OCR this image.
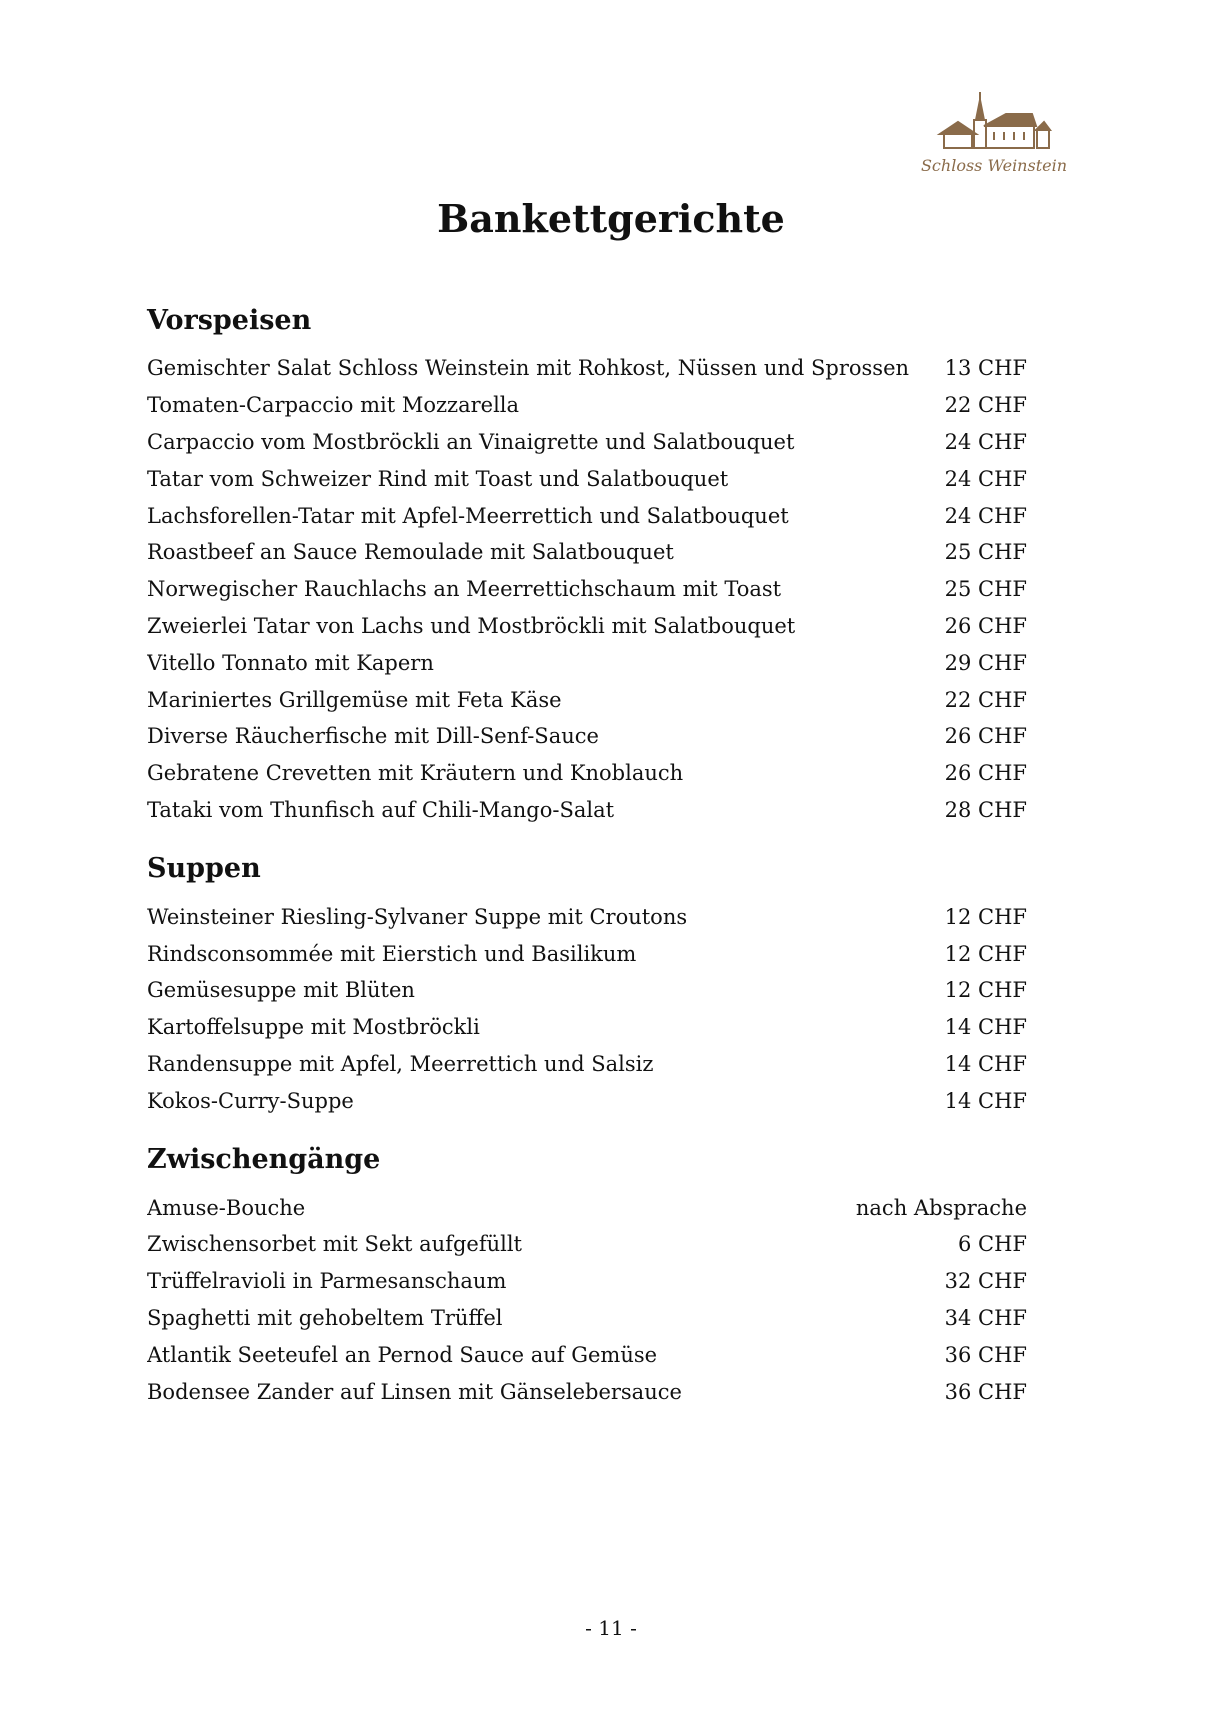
Schloss Weinstein
Bankettgerichte
Vorspeisen
Gemischter Salat Schloss Weinstein mit Rohkost, Nüssen und Sprossen	13 CHF
Tomaten-Carpaccio mit Mozzarella	22 CHF
Carpaccio vom Mostbröckli an Vinaigrette und Salatbouquet	24 CHF
Tatar vom Schweizer Rind mit Toast und Salatbouquet	24 CHF
Lachsforellen-Tatar mit Apfel-Meerrettich und Salatbouquet	24 CHF
Roastbeef an Sauce Remoulade mit Salatbouquet	25 CHF
Norwegischer Rauchlachs an Meerrettichschaum mit Toast	25 CHF
Zweierlei Tatar von Lachs und Mostbröckli mit Salatbouquet	26 CHF
Vitello Tonnato mit Kapern	29 CHF
Mariniertes Grillgemüse mit Feta Käse	22 CHF
Diverse Räucherfische mit Dill-Senf-Sauce	26 CHF
Gebratene Crevetten mit Kräutern und Knoblauch	26 CHF
Tataki vom Thunfisch auf Chili-Mango-Salat	28 CHF
Suppen
Weinsteiner Riesling-Sylvaner Suppe mit Croutons	12 CHF
Rindsconsommée mit Eierstich und Basilikum	12 CHF
Gemüsesuppe mit Blüten	12 CHF
Kartoffelsuppe mit Mostbröckli	14 CHF
Randensuppe mit Apfel, Meerrettich und Salsiz	14 CHF
Kokos-Curry-Suppe	14 CHF
Zwischengänge
Amuse-Bouche	nach Absprache
Zwischensorbet mit Sekt aufgefüllt	6 CHF
Trüffelravioli in Parmesanschaum	32 CHF
Spaghetti mit gehobeltem Trüffel	34 CHF
Atlantik Seeteufel an Pernod Sauce auf Gemüse	36 CHF
Bodensee Zander auf Linsen mit Gänselebersauce	36 CHF
- 11 -
